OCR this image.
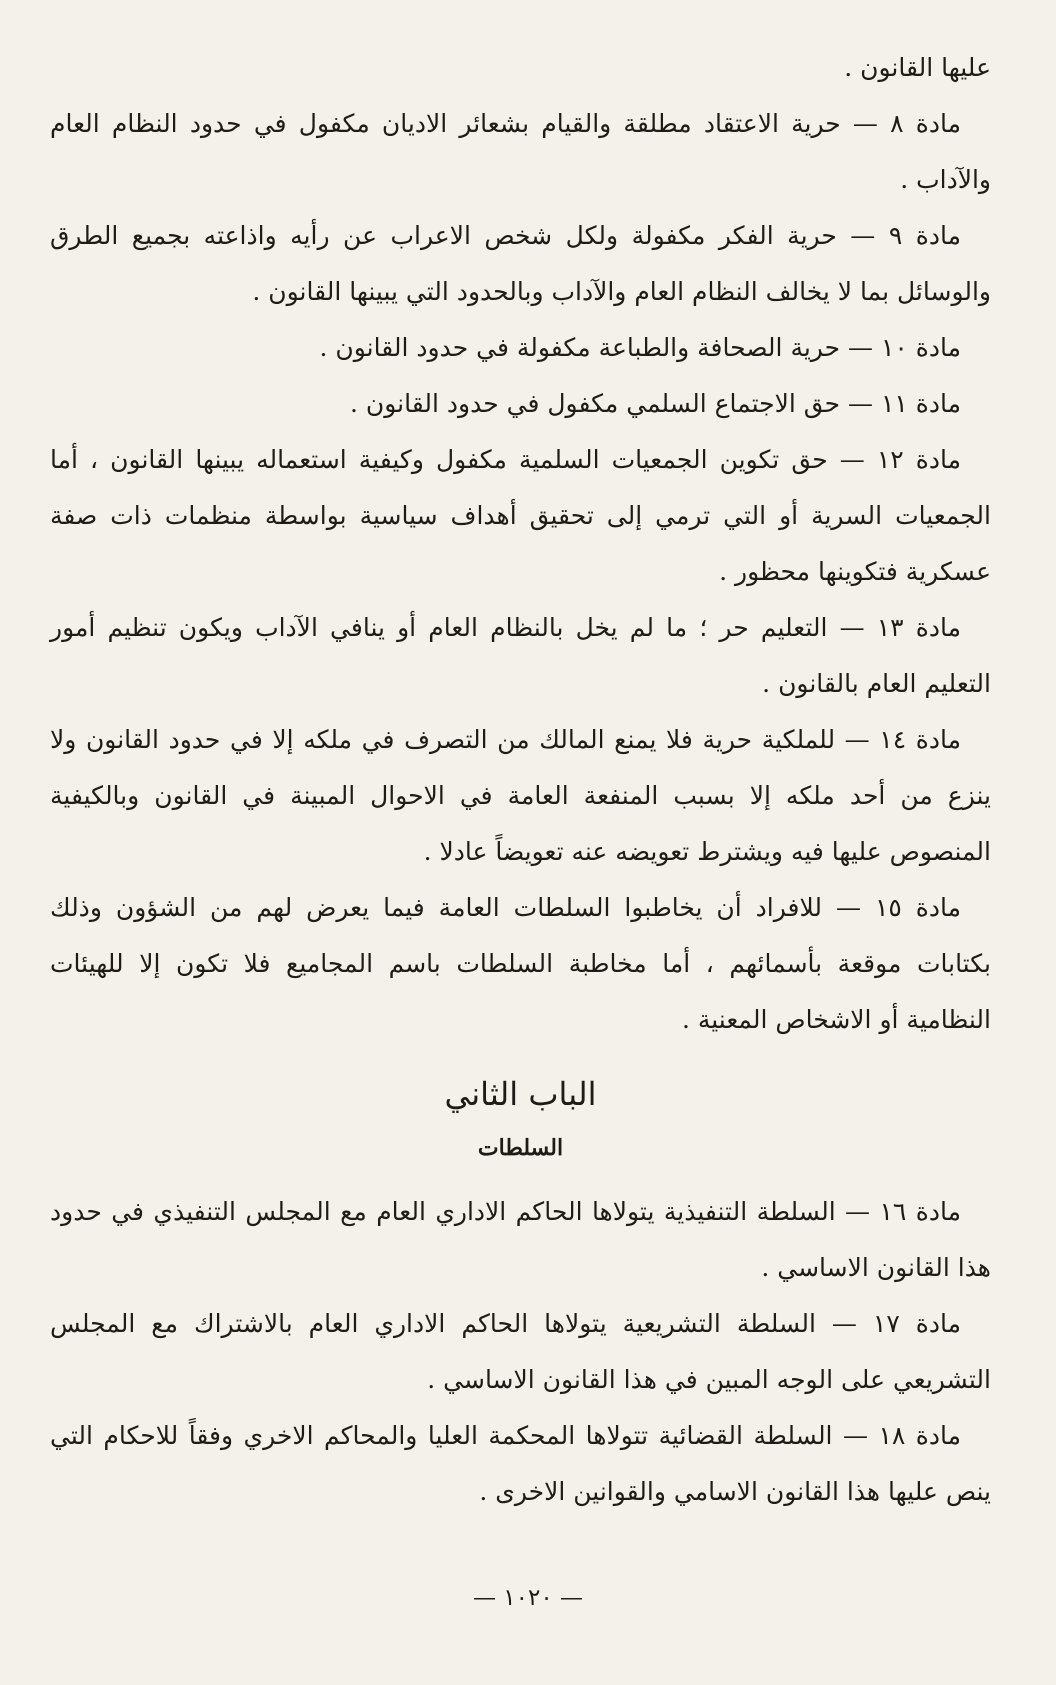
عليها القانون .

مادة ٨ — حرية الاعتقاد مطلقة والقيام بشعائر الاديان مكفول في حدود النظام العام والآداب .

مادة ٩ — حرية الفكر مكفولة ولكل شخص الاعراب عن رأيه واذاعته بجميع الطرق والوسائل بما لا يخالف النظام العام والآداب وبالحدود التي يبينها القانون .

مادة ١٠ — حرية الصحافة والطباعة مكفولة في حدود القانون .

مادة ١١ — حق الاجتماع السلمي مكفول في حدود القانون .

مادة ١٢ — حق تكوين الجمعيات السلمية مكفول وكيفية استعماله يبينها القانون ، أما الجمعيات السرية أو التي ترمي إلى تحقيق أهداف سياسية بواسطة منظمات ذات صفة عسكرية فتكوينها محظور .

مادة ١٣ — التعليم حر ؛ ما لم يخل بالنظام العام أو ينافي الآداب ويكون تنظيم أمور التعليم العام بالقانون .

مادة ١٤ — للملكية حرية فلا يمنع المالك من التصرف في ملكه إلا في حدود القانون ولا ينزع من أحد ملكه إلا بسبب المنفعة العامة في الاحوال المبينة في القانون وبالكيفية المنصوص عليها فيه ويشترط تعويضه عنه تعويضاً عادلا .

مادة ١٥ — للافراد أن يخاطبوا السلطات العامة فيما يعرض لهم من الشؤون وذلك بكتابات موقعة بأسمائهم ، أما مخاطبة السلطات باسم المجاميع فلا تكون إلا للهيئات النظامية أو الاشخاص المعنية .

الباب الثاني
السلطات

مادة ١٦ — السلطة التنفيذية يتولاها الحاكم الاداري العام مع المجلس التنفيذي في حدود هذا القانون الاساسي .

مادة ١٧ — السلطة التشريعية يتولاها الحاكم الاداري العام بالاشتراك مع المجلس التشريعي على الوجه المبين في هذا القانون الاساسي .

مادة ١٨ — السلطة القضائية تتولاها المحكمة العليا والمحاكم الاخري وفقاً للاحكام التي ينص عليها هذا القانون الاسامي والقوانين الاخرى .

— ١٠٢٠ —
